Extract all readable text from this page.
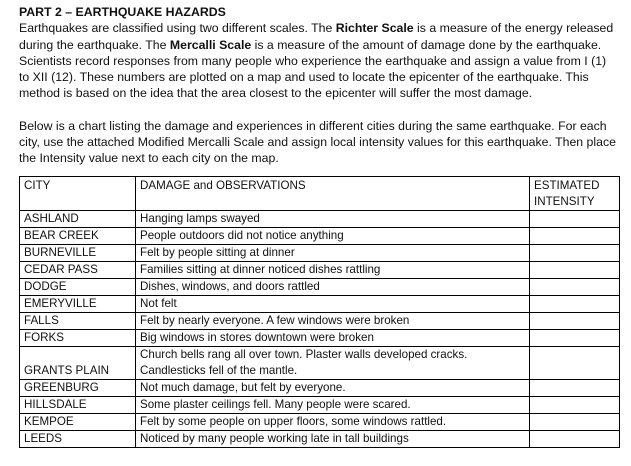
PART 2 – EARTHQUAKE HAZARDS

Earthquakes are classified using two different scales. The Richter Scale is a measure of the energy released during the earthquake. The Mercalli Scale is a measure of the amount of damage done by the earthquake. Scientists record responses from many people who experience the earthquake and assign a value from I (1) to XII (12). These numbers are plotted on a map and used to locate the epicenter of the earthquake. This method is based on the idea that the area closest to the epicenter will suffer the most damage.

Below is a chart listing the damage and experiences in different cities during the same earthquake. For each city, use the attached Modified Mercalli Scale and assign local intensity values for this earthquake. Then place the Intensity value next to each city on the map.

CITY	DAMAGE and OBSERVATIONS	ESTIMATED INTENSITY
ASHLAND	Hanging lamps swayed	
BEAR CREEK	People outdoors did not notice anything	
BURNEVILLE	Felt by people sitting at dinner	
CEDAR PASS	Families sitting at dinner noticed dishes rattling	
DODGE	Dishes, windows, and doors rattled	
EMERYVILLE	Not felt	
FALLS	Felt by nearly everyone. A few windows were broken	
FORKS	Big windows in stores downtown were broken	
GRANTS PLAIN	Church bells rang all over town. Plaster walls developed cracks. Candlesticks fell of the mantle.	
GREENBURG	Not much damage, but felt by everyone.	
HILLSDALE	Some plaster ceilings fell. Many people were scared.	
KEMPOE	Felt by some people on upper floors, some windows rattled.	
LEEDS	Noticed by many people working late in tall buildings	
